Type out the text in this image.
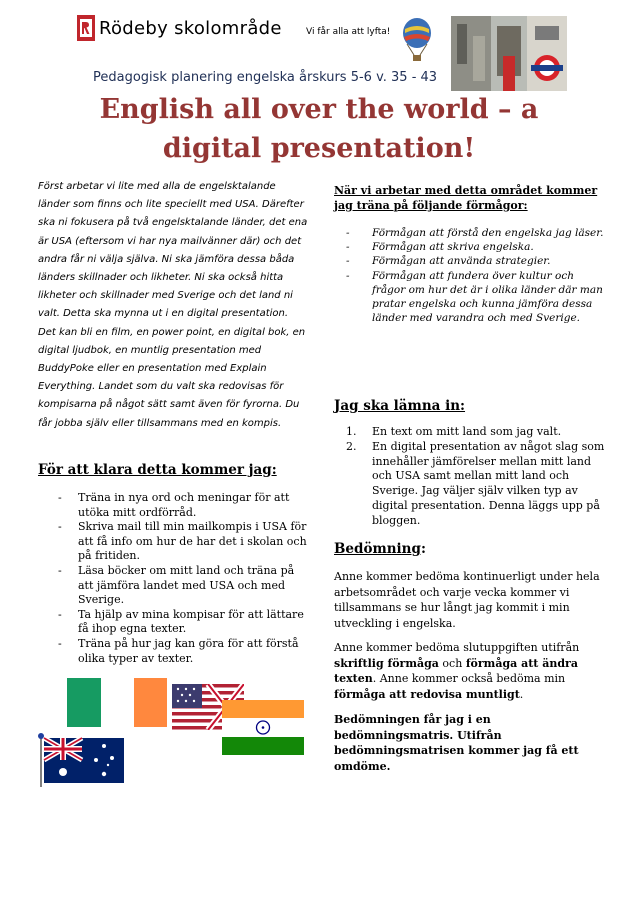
Rödeby skolområde	Vi får alla att lyfta!
Pedagogisk planering engelska årskurs 5-6 v. 35 - 43
English all over the world – a
digital presentation!
Först arbetar vi lite med alla de engelsktalande länder som finns och lite speciellt med USA. Därefter ska ni fokusera på två engelsktalande länder, det ena är USA (eftersom vi har nya mailvänner där) och det andra får ni välja själva. Ni ska jämföra dessa båda länders skillnader och likheter. Ni ska också hitta likheter och skillnader med Sverige och det land ni valt. Detta ska mynna ut i en digital presentation. Det kan bli en film, en power point, en digital bok, en digital ljudbok, en muntlig presentation med BuddyPoke eller en presentation med Explain Everything. Landet som du valt ska redovisas för kompisarna på något sätt samt även för fyrorna. Du får jobba själv eller tillsammans med en kompis.
För att klara detta kommer jag:
- Träna in nya ord och meningar för att utöka mitt ordförråd.
- Skriva mail till min mailkompis i USA för att få info om hur de har det i skolan och på fritiden.
- Läsa böcker om mitt land och träna på att jämföra landet med USA och med Sverige.
- Ta hjälp av mina kompisar för att lättare få ihop egna texter.
- Träna på hur jag kan göra för att förstå olika typer av texter.
När vi arbetar med detta området kommer jag träna på följande förmågor:
- Förmågan att förstå den engelska jag läser.
- Förmågan att skriva engelska.
- Förmågan att använda strategier.
- Förmågan att fundera över kultur och frågor om hur det är i olika länder där man pratar engelska och kunna jämföra dessa länder med varandra och med Sverige.
Jag ska lämna in:
1. En text om mitt land som jag valt.
2. En digital presentation av något slag som innehåller jämförelser mellan mitt land och USA samt mellan mitt land och Sverige. Jag väljer själv vilken typ av digital presentation. Denna läggs upp på bloggen.
Bedömning:
Anne kommer bedöma kontinuerligt under hela arbetsområdet och varje vecka kommer vi tillsammans se hur långt jag kommit i min utveckling i engelska.
Anne kommer bedöma slutuppgiften utifrån skriftlig förmåga och förmåga att ändra texten. Anne kommer också bedöma min förmåga att redovisa muntligt.
Bedömningen får jag i en bedömningsmatris. Utifrån bedömningsmatrisen kommer jag få ett omdöme.
